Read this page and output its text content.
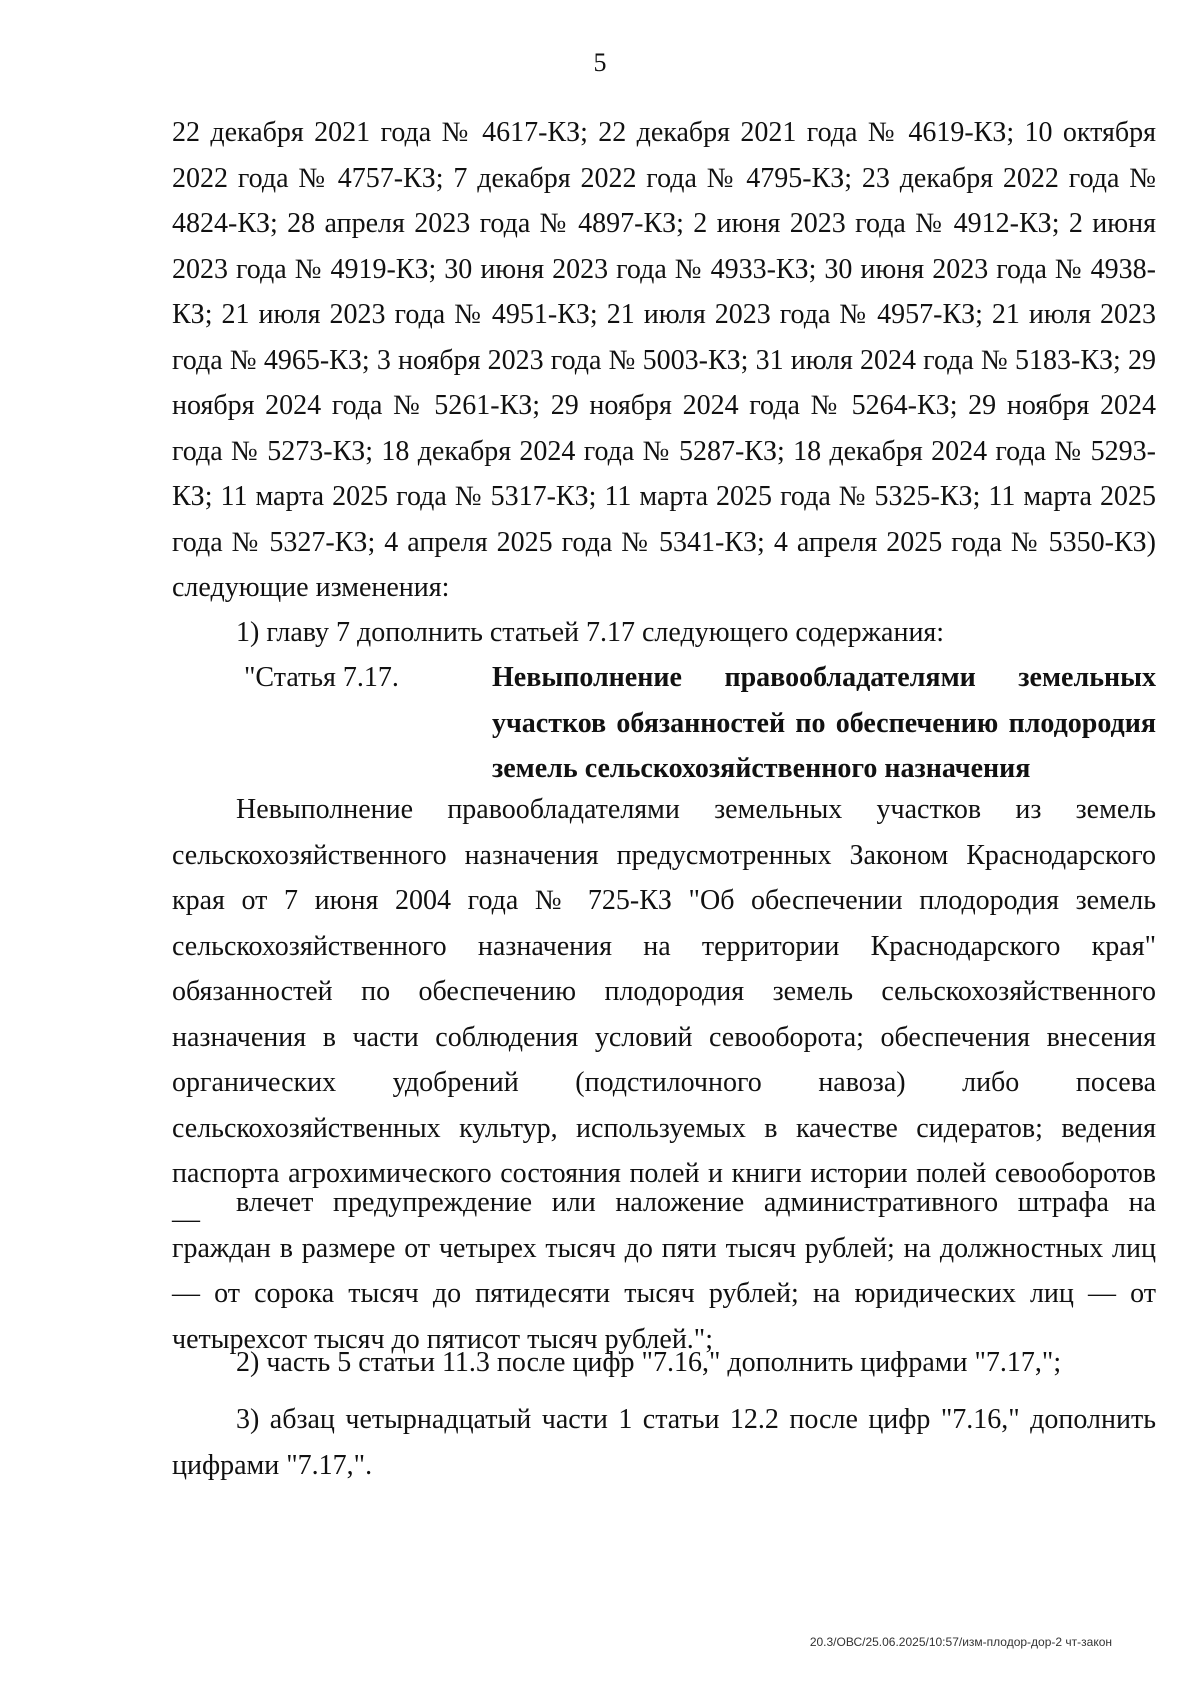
5

22 декабря 2021 года № 4617-КЗ; 22 декабря 2021 года № 4619-КЗ; 10 октября 2022 года № 4757-КЗ; 7 декабря 2022 года № 4795-КЗ; 23 декабря 2022 года № 4824-КЗ; 28 апреля 2023 года № 4897-КЗ; 2 июня 2023 года № 4912-КЗ; 2 июня 2023 года № 4919-КЗ; 30 июня 2023 года № 4933-КЗ; 30 июня 2023 года № 4938-КЗ; 21 июля 2023 года № 4951-КЗ; 21 июля 2023 года № 4957-КЗ; 21 июля 2023 года № 4965-КЗ; 3 ноября 2023 года № 5003-КЗ; 31 июля 2024 года № 5183-КЗ; 29 ноября 2024 года № 5261-КЗ; 29 ноября 2024 года № 5264-КЗ; 29 ноября 2024 года № 5273-КЗ; 18 декабря 2024 года № 5287-КЗ; 18 декабря 2024 года № 5293-КЗ; 11 марта 2025 года № 5317-КЗ; 11 марта 2025 года № 5325-КЗ; 11 марта 2025 года № 5327-КЗ; 4 апреля 2025 года № 5341-КЗ; 4 апреля 2025 года № 5350-КЗ) следующие изменения:

1) главу 7 дополнить статьей 7.17 следующего содержания:

"Статья 7.17.	Невыполнение правообладателями земельных участков обязанностей по обеспечению плодородия земель сельскохозяйственного назначения

Невыполнение правообладателями земельных участков из земель сельскохозяйственного назначения предусмотренных Законом Краснодарского края от 7 июня 2004 года № 725-КЗ "Об обеспечении плодородия земель сельскохозяйственного назначения на территории Краснодарского края" обязанностей по обеспечению плодородия земель сельскохозяйственного назначения в части соблюдения условий севооборота; обеспечения внесения органических удобрений (подстилочного навоза) либо посева сельскохозяйственных культур, используемых в качестве сидератов; ведения паспорта агрохимического состояния полей и книги истории полей севооборотов —

влечет предупреждение или наложение административного штрафа на граждан в размере от четырех тысяч до пяти тысяч рублей; на должностных лиц — от сорока тысяч до пятидесяти тысяч рублей; на юридических лиц — от четырехсот тысяч до пятисот тысяч рублей.";

2) часть 5 статьи 11.3 после цифр "7.16," дополнить цифрами "7.17,";

3) абзац четырнадцатый части 1 статьи 12.2 после цифр "7.16," дополнить цифрами "7.17,".

20.3/ОВС/25.06.2025/10:57/изм-плодор-дор-2 чт-закон
